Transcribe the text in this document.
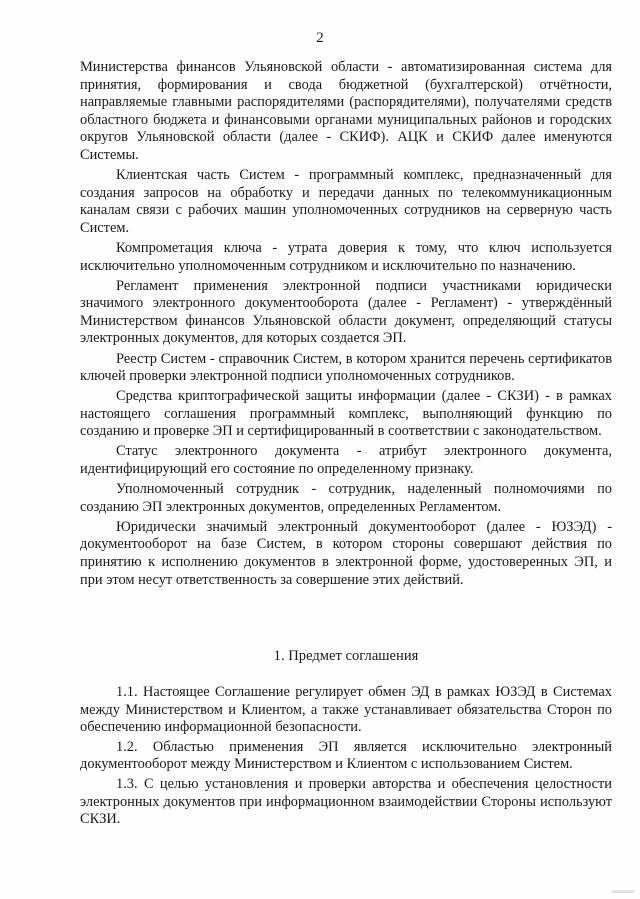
2

Министерства финансов Ульяновской области - автоматизированная система для принятия, формирования и свода бюджетной (бухгалтерской) отчётности, направляемые главными распорядителями (распорядителями), получателями средств областного бюджета и финансовыми органами муниципальных районов и городских округов Ульяновской области (далее - СКИФ). АЦК и СКИФ далее именуются Системы.

Клиентская часть Систем - программный комплекс, предназначенный для создания запросов на обработку и передачи данных по телекоммуникационным каналам связи с рабочих машин уполномоченных сотрудников на серверную часть Систем.

Компрометация ключа - утрата доверия к тому, что ключ используется исключительно уполномоченным сотрудником и исключительно по назначению.

Регламент применения электронной подписи участниками юридически значимого электронного документооборота (далее - Регламент) - утверждённый Министерством финансов Ульяновской области документ, определяющий статусы электронных документов, для которых создается ЭП.

Реестр Систем - справочник Систем, в котором хранится перечень сертификатов ключей проверки электронной подписи уполномоченных сотрудников.

Средства криптографической защиты информации (далее - СКЗИ) - в рамках настоящего соглашения программный комплекс, выполняющий функцию по созданию и проверке ЭП и сертифицированный в соответствии с законодательством.

Статус электронного документа - атрибут электронного документа, идентифицирующий его состояние по определенному признаку.

Уполномоченный сотрудник - сотрудник, наделенный полномочиями по созданию ЭП электронных документов, определенных Регламентом.

Юридически значимый электронный документооборот (далее - ЮЗЭД) - документооборот на базе Систем, в котором стороны совершают действия по принятию к исполнению документов в электронной форме, удостоверенных ЭП, и при этом несут ответственность за совершение этих действий.

1. Предмет соглашения

1.1. Настоящее Соглашение регулирует обмен ЭД в рамках ЮЗЭД в Системах между Министерством и Клиентом, а также устанавливает обязательства Сторон по обеспечению информационной безопасности.

1.2. Областью применения ЭП является исключительно электронный документооборот между Министерством и Клиентом с использованием Систем.

1.3. С целью установления и проверки авторства и обеспечения целостности электронных документов при информационном взаимодействии Стороны используют СКЗИ.
